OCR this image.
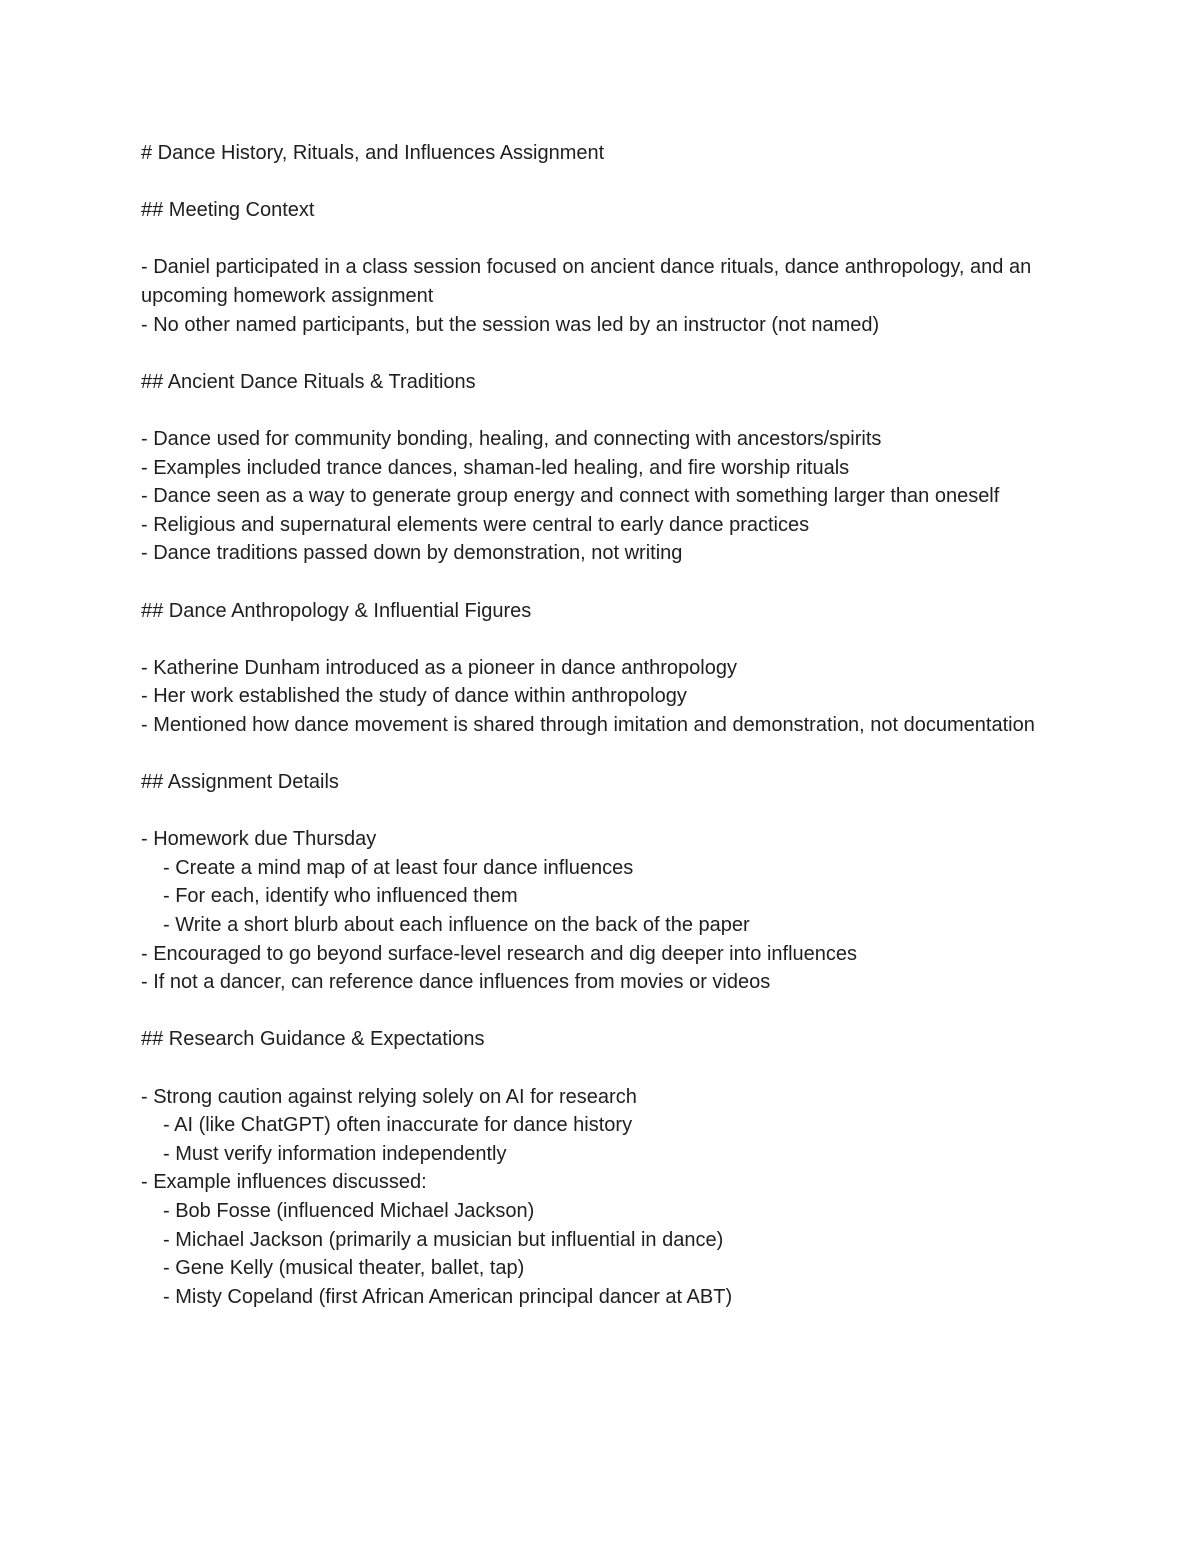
# Dance History, Rituals, and Influences Assignment
## Meeting Context
- Daniel participated in a class session focused on ancient dance rituals, dance anthropology, and an upcoming homework assignment
- No other named participants, but the session was led by an instructor (not named)
## Ancient Dance Rituals & Traditions
- Dance used for community bonding, healing, and connecting with ancestors/spirits
- Examples included trance dances, shaman-led healing, and fire worship rituals
- Dance seen as a way to generate group energy and connect with something larger than oneself
- Religious and supernatural elements were central to early dance practices
- Dance traditions passed down by demonstration, not writing
## Dance Anthropology & Influential Figures
- Katherine Dunham introduced as a pioneer in dance anthropology
- Her work established the study of dance within anthropology
- Mentioned how dance movement is shared through imitation and demonstration, not documentation
## Assignment Details
- Homework due Thursday
- Create a mind map of at least four dance influences
- For each, identify who influenced them
- Write a short blurb about each influence on the back of the paper
- Encouraged to go beyond surface-level research and dig deeper into influences
- If not a dancer, can reference dance influences from movies or videos
## Research Guidance & Expectations
- Strong caution against relying solely on AI for research
- AI (like ChatGPT) often inaccurate for dance history
- Must verify information independently
- Example influences discussed:
- Bob Fosse (influenced Michael Jackson)
- Michael Jackson (primarily a musician but influential in dance)
- Gene Kelly (musical theater, ballet, tap)
- Misty Copeland (first African American principal dancer at ABT)
